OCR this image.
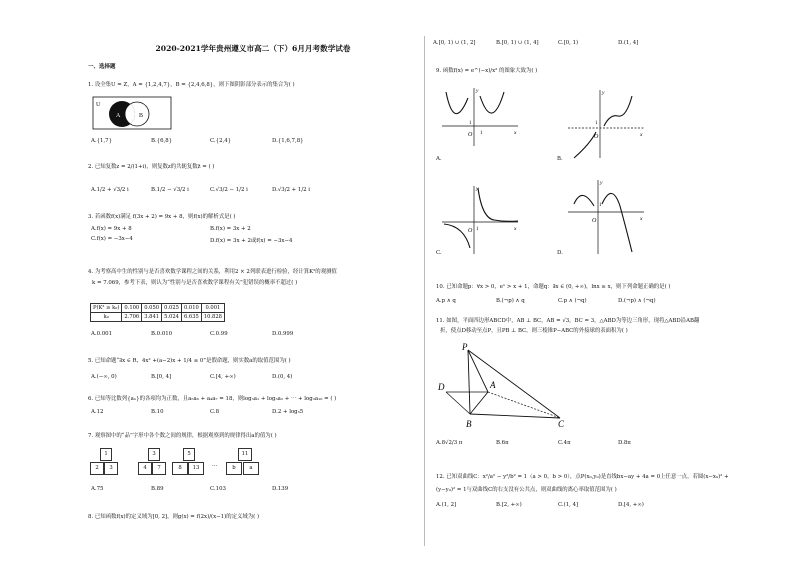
2020-2021学年贵州遵义市高二（下）6月月考数学试卷
一、选择题
1. 设全集U = Z，A = {1,2,4,7}，B = {2,4,6,8}，则下图阴影部分表示的集合为( )
U
A	B
A.{1,7}	B.{6,8}	C.{2,4}	D.{1,6,7,8}
2. 已知复数z = 2/(1+i)，则复数z的共轭复数z̄ = ( )
A.1/2 + √3/2 i	B.1/2 − √3/2 i	C.√3/2 − 1/2 i	D.√3/2 + 1/2 i
3. 若函数f(x)满足 f(3x + 2) = 9x + 8，则f(x)的解析式是( )
A.f(x) = 9x + 8	B.f(x) = 3x + 2
C.f(x) = −3x−4	D.f(x) = 3x + 2或f(x) = −3x−4
4. 为考察高中生的性别与是否喜欢数学课程之间的关系，利用2 × 2列联表进行检验，经计算K²的观测值
k = 7.069，参考下表，则认为“性别与是否喜欢数学课程有关”犯错误的概率不超过( )
P(K² ≥ k₀)	0.100	0.050	0.025	0.010	0.001
k₀	2.706	3.841	5.024	6.635	10.828
A.0.001	B.0.010	C.0.99	D.0.999
5. 已知命题“∃x ∈ R，4x² +(a−2)x + 1/4 ≤ 0”是假命题，则实数a的取值范围为( )
A.(−∞, 0)	B.[0, 4]	C.[4, +∞)	D.(0, 4)
6. 已知等比数列{aₙ}的各项均为正数，且a₅a₆ + a₄a₇ = 18，则log₃a₁ + log₃a₂ + ⋯ + log₃a₁₀ = ( )
A.12	B.10	C.8	D.2 + log₃5
7. 观察图中的“品”字形中各个数之间的规律，根据观察到的规律得出a的值为( )
1
2	3
3
4	7
5
8	13	…
11
b	a
A.75	B.89	C.103	D.139
8. 已知函数f(x)的定义域为[0, 2]，则g(x) = f(2x)/(x−1)的定义域为( )
A.[0, 1) ∪ (1, 2]	B.[0, 1) ∪ (1, 4]	C.[0, 1)	D.(1, 4]
9. 函数f(x) = e^(−x)/x² 的图象大致为( )
y
x
O
1
1
A.
y
x
O
1
B.
y
x
O 1
C.
y
x
O
1
D.
10. 已知命题p：∀x > 0，eˣ > x + 1，命题q：∃x ∈ (0, +∞)，lnx ≥ x，则下列命题正确的是( )
A.p ∧ q	B.(¬p) ∧ q	C.p ∧ (¬q)	D.(¬p) ∧ (¬q)
11. 如图，平面四边形ABCD中，AB ⊥ BC，AB = √3，BC = 3，△ABD为等边三角形，现将△ABD沿AB翻
折，使点D移动至点P，且PB ⊥ BC，则三棱锥P−ABC的外接球的表面积为( )
P
D	A
B	C
A.8√2/3 π	B.6π	C.4π	D.8π
12. 已知双曲线C：x²/a² − y²/b² = 1（a > 0，b > 0），点P(x₀,y₀)是直线bx−ay + 4a = 0上任意一点，若圆(x−x₀)² +
(y−y₀)² = 1与双曲线C的右支没有公共点，则双曲线的离心率取值范围为( )
A.(1, 2]	B.[2, +∞)	C.(1, 4]	D.[4, +∞)
